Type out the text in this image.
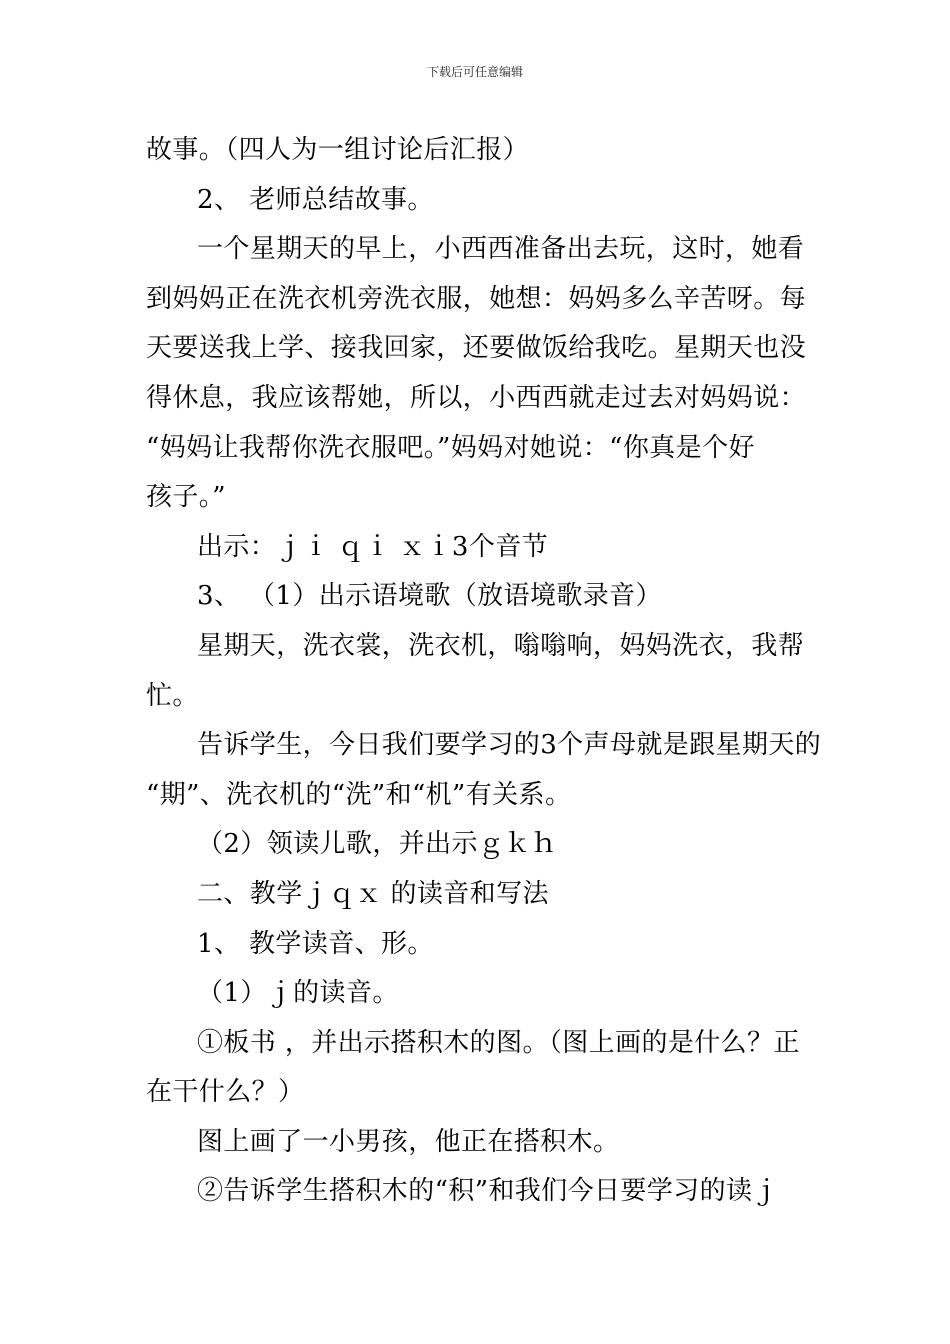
下载后可任意编辑
故事。（四人为一组讨论后汇报）
2、 老师总结故事。
一个星期天的早上，小西西准备出去玩，这时，她看
到妈妈正在洗衣机旁洗衣服，她想：妈妈多么辛苦呀。每
天要送我上学、接我回家，还要做饭给我吃。星期天也没
得休息，我应该帮她，所以，小西西就走过去对妈妈说：
“妈妈让我帮你洗衣服吧。”妈妈对她说：“你真是个好
孩子。”
出示：ｊｉ ｑｉ ｘｉ3个音节
3、 （1）出示语境歌（放语境歌录音）
星期天，洗衣裳，洗衣机，嗡嗡响，妈妈洗衣，我帮
忙。
告诉学生，今日我们要学习的3个声母就是跟星期天的
“期”、洗衣机的“洗”和“机”有关系。
（2）领读儿歌，并出示ｇｋｈ
二、教学ｊｑｘ 的读音和写法
1、 教学读音、形。
（1）ｊ的读音。
①板书 ，并出示搭积木的图。（图上画的是什么？正
在干什么？）
图上画了一小男孩，他正在搭积木。
②告诉学生搭积木的“积”和我们今日要学习的读ｊ
